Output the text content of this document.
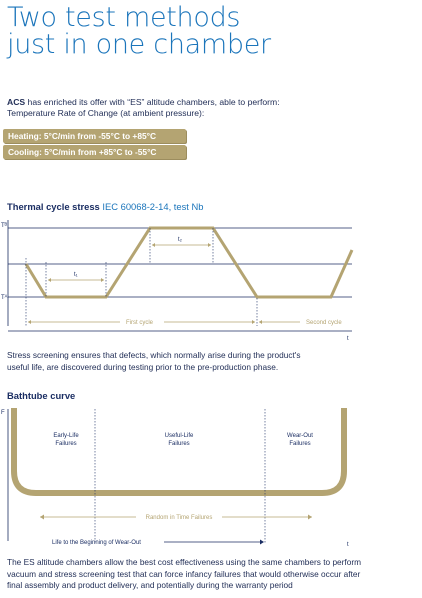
Two test methods
just in one chamber
ACS has enriched its offer with “ES” altitude chambers, able to perform:
Temperature Rate of Change (at ambient pressure):
Heating: 5°C/min from -55°C to +85°C
Cooling: 5°C/min from +85°C to -55°C
Thermal cycle stress IEC 60068-2-14, test Nb
Tᴮ
Tᴬ
t₁
t₂
First cycle	Second cycle
t
Stress screening ensures that defects, which normally arise during the product's
useful life, are discovered during testing prior to the pre-production phase.
Bathtube curve
F
Early-Life
Failures
Useful-Life
Failures
Wear-Out
Failures
Random in Time Failures
Life to the Beginning of Wear-Out	t
The ES altitude chambers allow the best cost effectiveness using the same chambers to perform
vacuum and stress screening test that can force infancy failures that would otherwise occur after
final assembly and product delivery, and potentially during the warranty period
